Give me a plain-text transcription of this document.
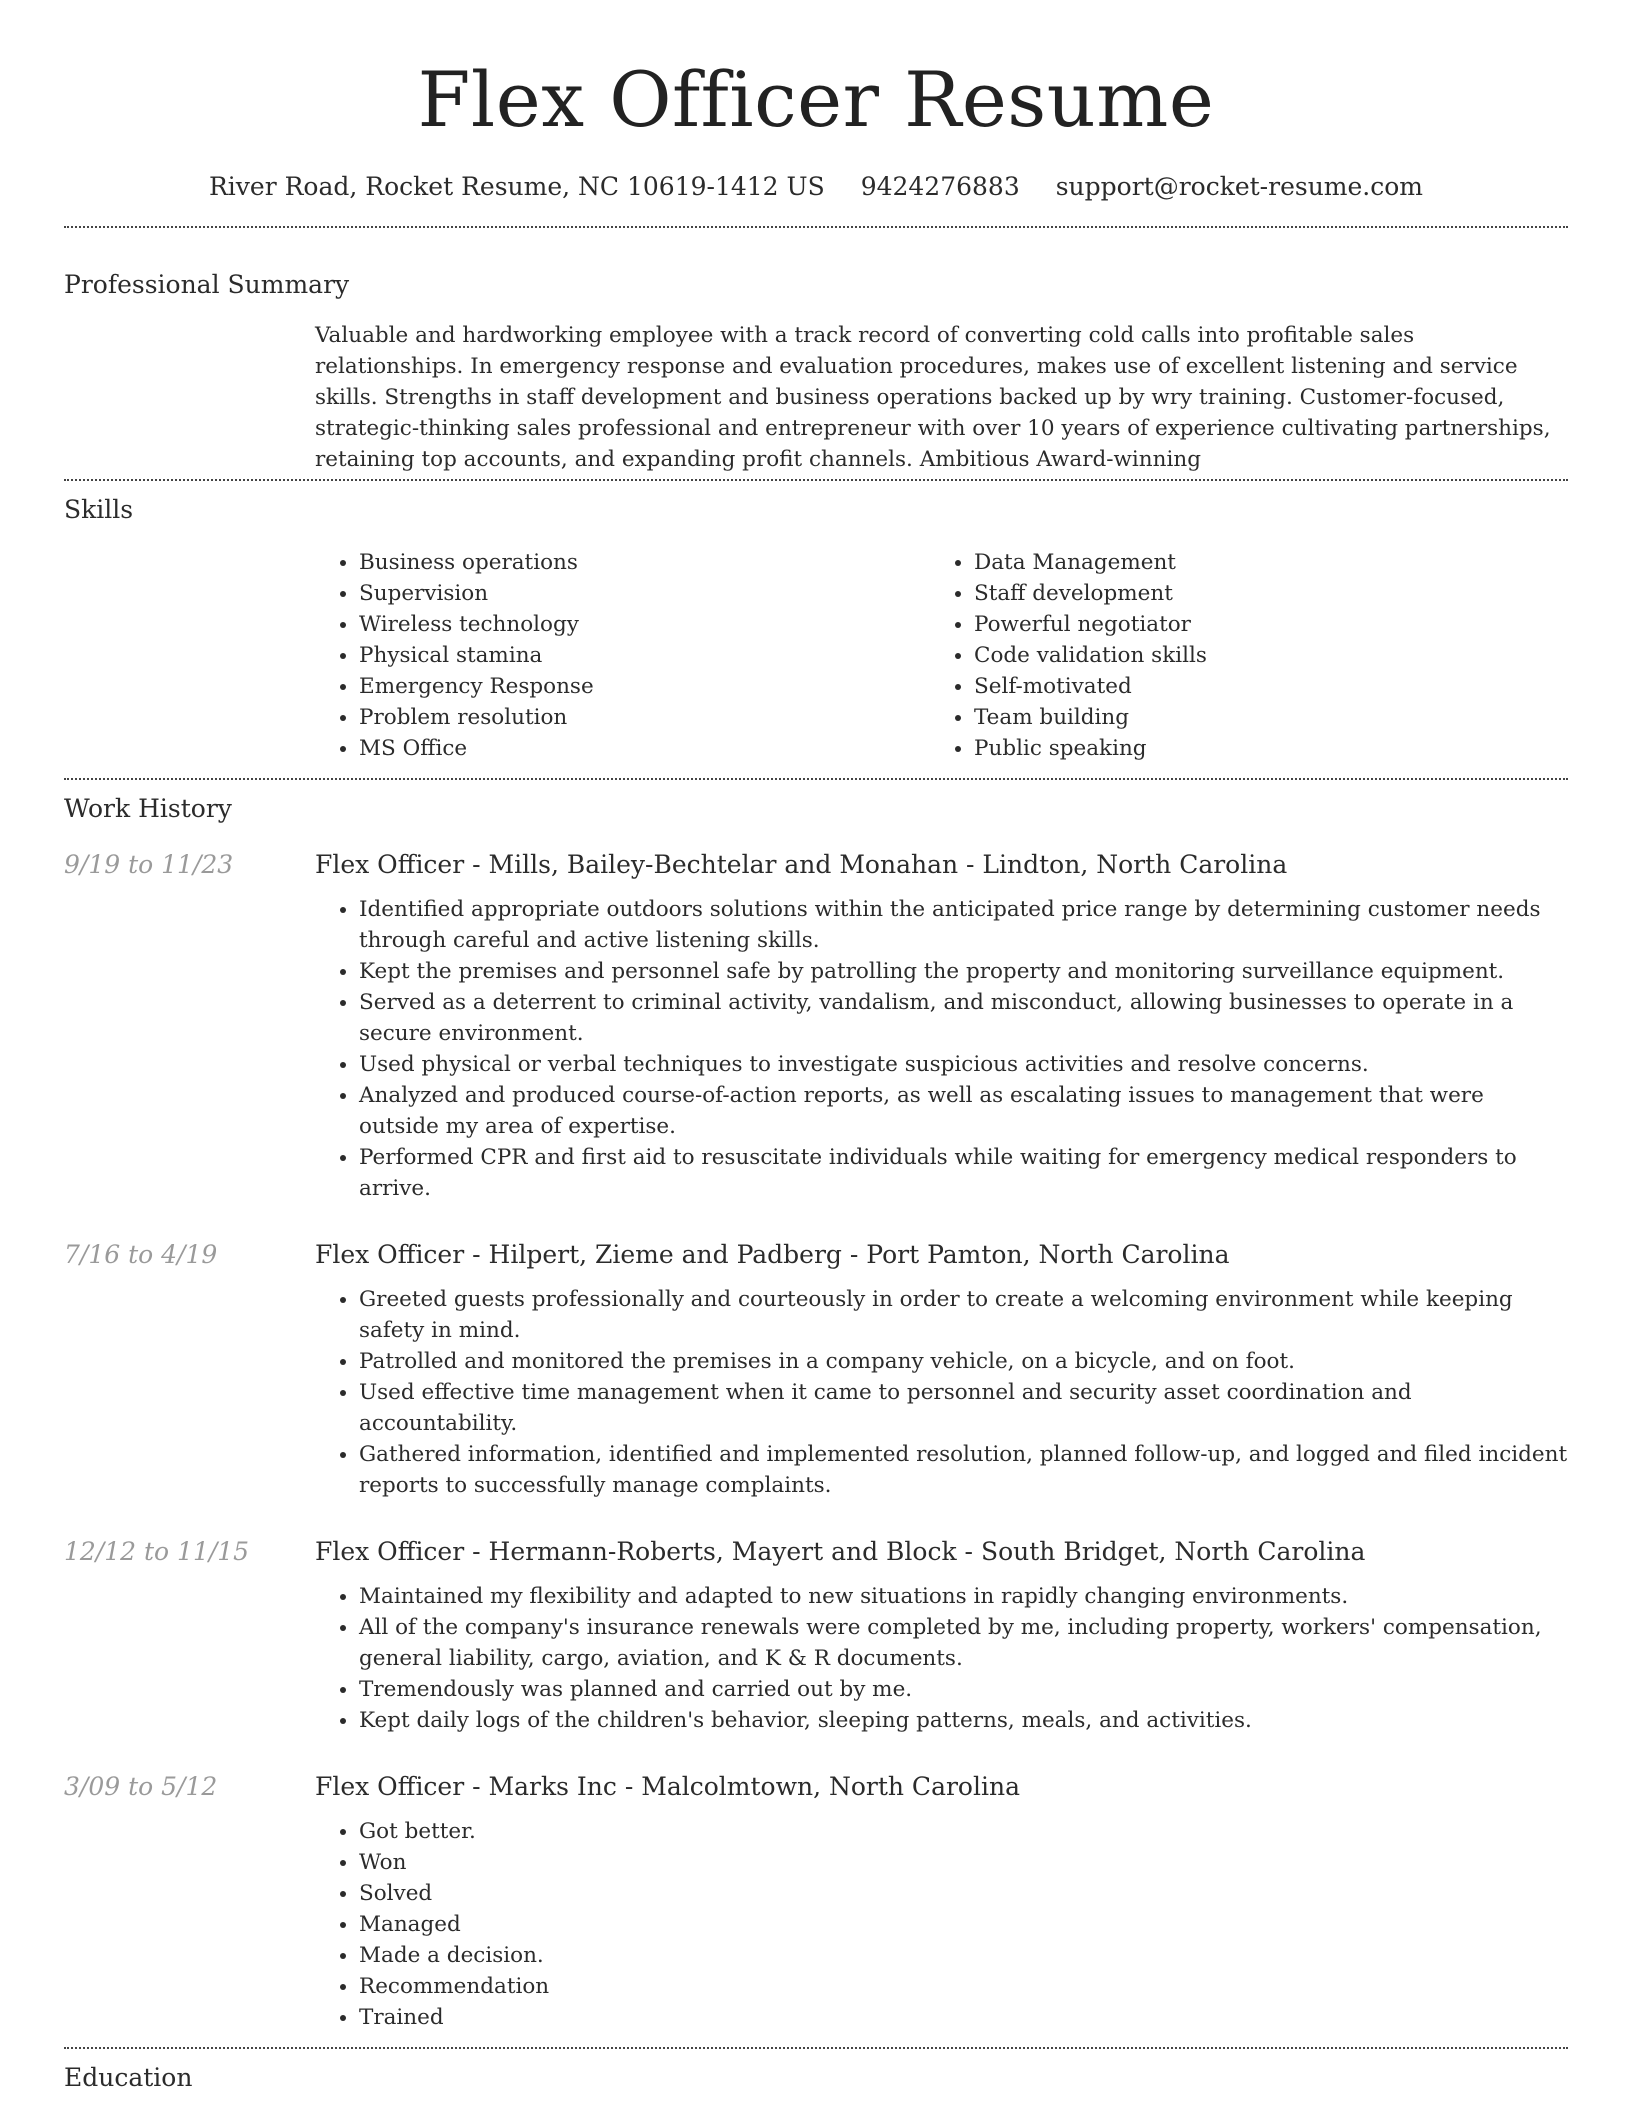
Flex Officer Resume
River Road, Rocket Resume, NC 10619-1412 US 9424276883 support@rocket-resume.com
Professional Summary
Valuable and hardworking employee with a track record of converting cold calls into profitable sales relationships. In emergency response and evaluation procedures, makes use of excellent listening and service skills. Strengths in staff development and business operations backed up by wry training. Customer-focused, strategic-thinking sales professional and entrepreneur with over 10 years of experience cultivating partnerships, retaining top accounts, and expanding profit channels. Ambitious Award-winning
Skills
• Business operations
• Supervision
• Wireless technology
• Physical stamina
• Emergency Response
• Problem resolution
• MS Office
• Data Management
• Staff development
• Powerful negotiator
• Code validation skills
• Self-motivated
• Team building
• Public speaking
Work History
9/19 to 11/23	Flex Officer - Mills, Bailey-Bechtelar and Monahan - Lindton, North Carolina
• Identified appropriate outdoors solutions within the anticipated price range by determining customer needs through careful and active listening skills.
• Kept the premises and personnel safe by patrolling the property and monitoring surveillance equipment.
• Served as a deterrent to criminal activity, vandalism, and misconduct, allowing businesses to operate in a secure environment.
• Used physical or verbal techniques to investigate suspicious activities and resolve concerns.
• Analyzed and produced course-of-action reports, as well as escalating issues to management that were outside my area of expertise.
• Performed CPR and first aid to resuscitate individuals while waiting for emergency medical responders to arrive.
7/16 to 4/19	Flex Officer - Hilpert, Zieme and Padberg - Port Pamton, North Carolina
• Greeted guests professionally and courteously in order to create a welcoming environment while keeping safety in mind.
• Patrolled and monitored the premises in a company vehicle, on a bicycle, and on foot.
• Used effective time management when it came to personnel and security asset coordination and accountability.
• Gathered information, identified and implemented resolution, planned follow-up, and logged and filed incident reports to successfully manage complaints.
12/12 to 11/15	Flex Officer - Hermann-Roberts, Mayert and Block - South Bridget, North Carolina
• Maintained my flexibility and adapted to new situations in rapidly changing environments.
• All of the company's insurance renewals were completed by me, including property, workers' compensation, general liability, cargo, aviation, and K & R documents.
• Tremendously was planned and carried out by me.
• Kept daily logs of the children's behavior, sleeping patterns, meals, and activities.
3/09 to 5/12	Flex Officer - Marks Inc - Malcolmtown, North Carolina
• Got better.
• Won
• Solved
• Managed
• Made a decision.
• Recommendation
• Trained
Education
